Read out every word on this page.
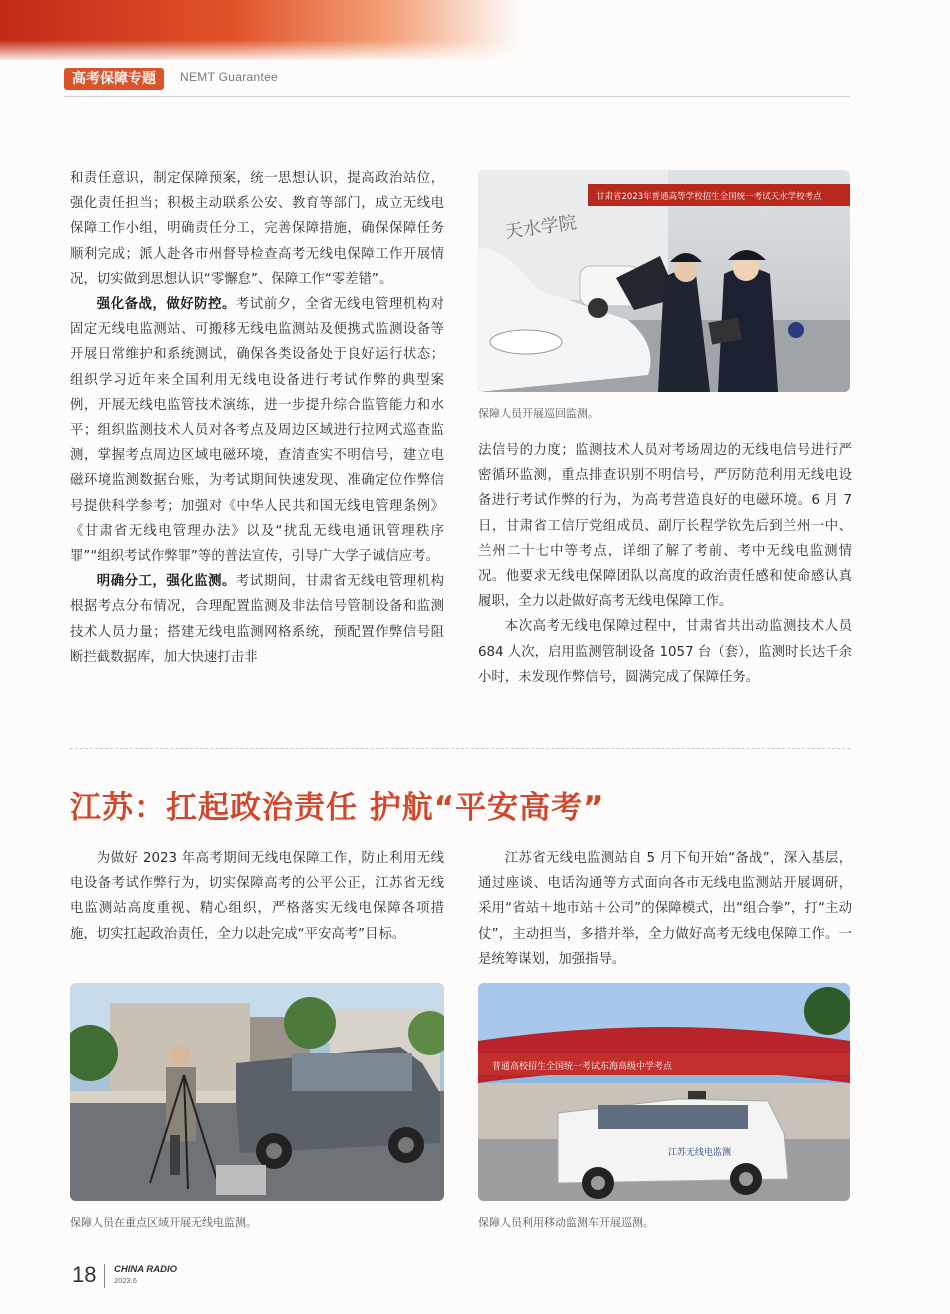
高考保障专题	NEMT Guarantee

和责任意识，制定保障预案，统一思想认识，提高政治站位，强化责任担当；积极主动联系公安、教育等部门，成立无线电保障工作小组，明确责任分工，完善保障措施，确保保障任务顺利完成；派人赴各市州督导检查高考无线电保障工作开展情况，切实做到思想认识“零懈怠”、保障工作“零差错”。

强化备战，做好防控。考试前夕，全省无线电管理机构对固定无线电监测站、可搬移无线电监测站及便携式监测设备等开展日常维护和系统测试，确保各类设备处于良好运行状态；组织学习近年来全国利用无线电设备进行考试作弊的典型案例，开展无线电监管技术演练，进一步提升综合监管能力和水平；组织监测技术人员对各考点及周边区域进行拉网式巡查监测，掌握考点周边区域电磁环境，查清查实不明信号，建立电磁环境监测数据台账，为考试期间快速发现、准确定位作弊信号提供科学参考；加强对《中华人民共和国无线电管理条例》《甘肃省无线电管理办法》以及“扰乱无线电通讯管理秩序罪”“组织考试作弊罪”等的普法宣传，引导广大学子诚信应考。

明确分工，强化监测。考试期间，甘肃省无线电管理机构根据考点分布情况，合理配置监测及非法信号管制设备和监测技术人员力量；搭建无线电监测网格系统，预配置作弊信号阻断拦截数据库，加大快速打击非

甘肃省2023年普通高等学校招生全国统一考试天水学校考点
天水学院
保障人员开展巡回监测。

法信号的力度；监测技术人员对考场周边的无线电信号进行严密循环监测，重点排查识别不明信号，严厉防范利用无线电设备进行考试作弊的行为，为高考营造良好的电磁环境。6 月 7 日，甘肃省工信厅党组成员、副厅长程学钦先后到兰州一中、兰州二十七中等考点，详细了解了考前、考中无线电监测情况。他要求无线电保障团队以高度的政治责任感和使命感认真履职，全力以赴做好高考无线电保障工作。

本次高考无线电保障过程中，甘肃省共出动监测技术人员 684 人次，启用监测管制设备 1057 台（套），监测时长达千余小时，未发现作弊信号，圆满完成了保障任务。

江苏：扛起政治责任 护航“平安高考”

为做好 2023 年高考期间无线电保障工作，防止利用无线电设备考试作弊行为，切实保障高考的公平公正，江苏省无线电监测站高度重视、精心组织，严格落实无线电保障各项措施，切实扛起政治责任，全力以赴完成“平安高考”目标。

江苏省无线电监测站自 5 月下旬开始“备战”，深入基层，通过座谈、电话沟通等方式面向各市无线电监测站开展调研，采用“省站＋地市站＋公司”的保障模式，出“组合拳”，打“主动仗”，主动担当，多措并举，全力做好高考无线电保障工作。一是统筹谋划，加强指导。

保障人员在重点区域开展无线电监测。
普通高校招生全国统一考试东海高级中学考点
江苏无线电监测
保障人员利用移动监测车开展巡测。
18 CHINA RADIO
2023.6
